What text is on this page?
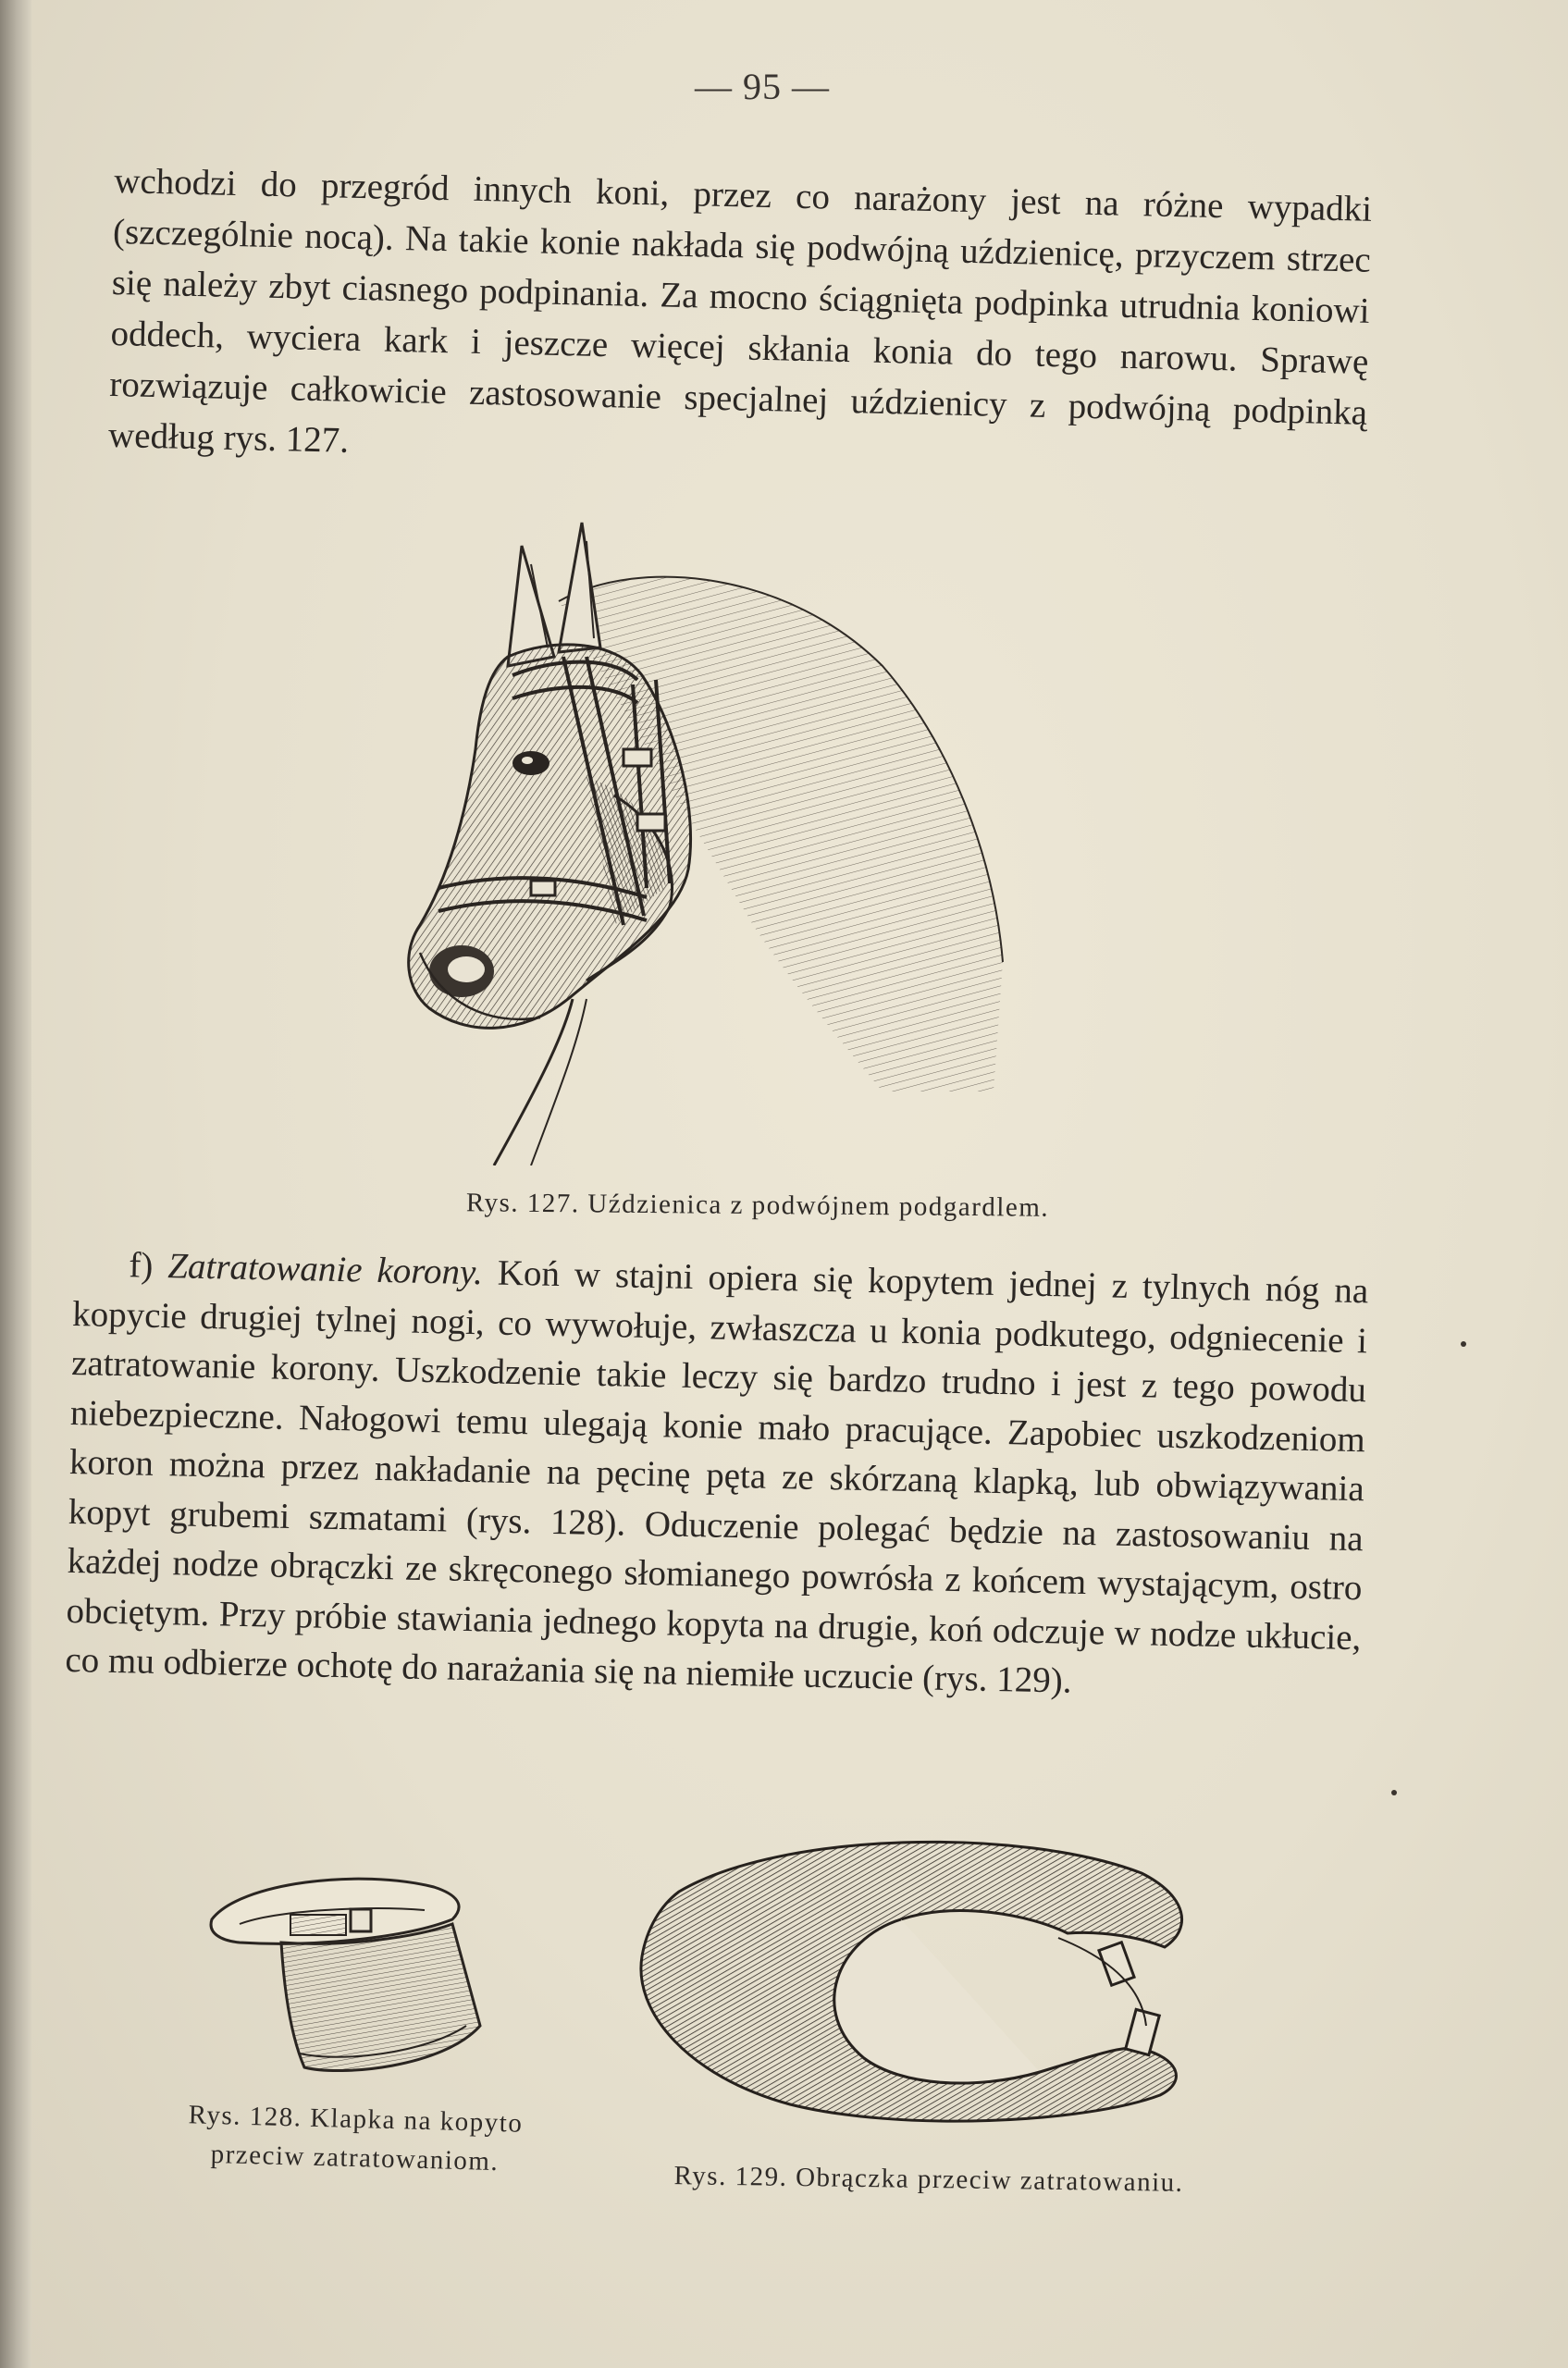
— 95 —

wchodzi do przegród innych koni, przez co narażony jest na różne wypadki (szczególnie nocą). Na takie konie nakłada się podwójną uździenicę, przyczem strzec się należy zbyt ciasnego podpinania. Za mocno ściągnięta podpinka utrudnia koniowi oddech, wyciera kark i jeszcze więcej skłania konia do tego narowu. Sprawę rozwiązuje całkowicie zastosowanie specjalnej uździenicy z podwójną podpinką według rys. 127.

Rys. 127. Uździenica z podwójnem podgardlem.

f) Zatratowanie korony. Koń w stajni opiera się kopytem jednej z tylnych nóg na kopycie drugiej tylnej nogi, co wywołuje, zwłaszcza u konia podkutego, odgniecenie i zatratowanie korony. Uszkodzenie takie leczy się bardzo trudno i jest z tego powodu niebezpieczne. Nałogowi temu ulegają konie mało pracujące. Zapobiec uszkodzeniom koron można przez nakładanie na pęcinę pęta ze skórzaną klapką, lub obwiązywania kopyt grubemi szmatami (rys. 128). Oduczenie polegać będzie na zastosowaniu na każdej nodze obrączki ze skręconego słomianego powrósła z końcem wystającym, ostro obciętym. Przy próbie stawiania jednego kopyta na drugie, koń odczuje w nodze ukłucie, co mu odbierze ochotę do narażania się na niemiłe uczucie (rys. 129).

Rys. 128. Klapka na kopyto
przeciw zatratowaniom.
Rys. 129. Obrączka przeciw zatratowaniu.
